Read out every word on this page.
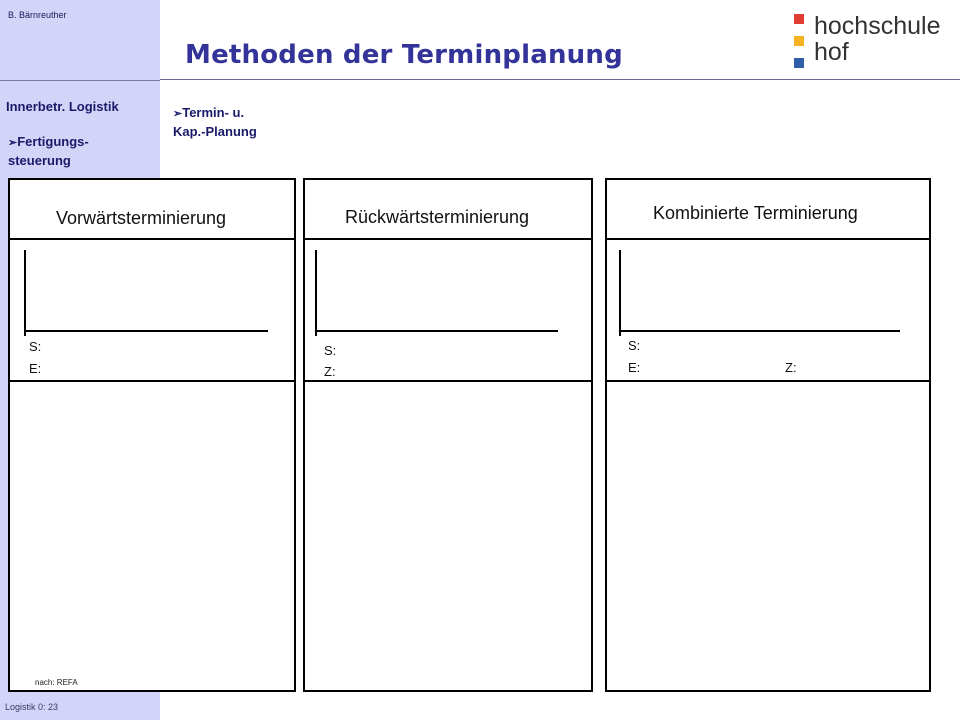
B. Bärnreuther
Innerbetr. Logistik
➢Fertigungs-
steuerung
Logistik 0: 23
Methoden der Terminplanung
➢Termin- u.
Kap.-Planung
hochschule
hof
Vorwärtsterminierung
S:
E:
Rückwärtsterminierung
S:
Z:
Kombinierte Terminierung
S:
E:	Z:
nach: REFA
